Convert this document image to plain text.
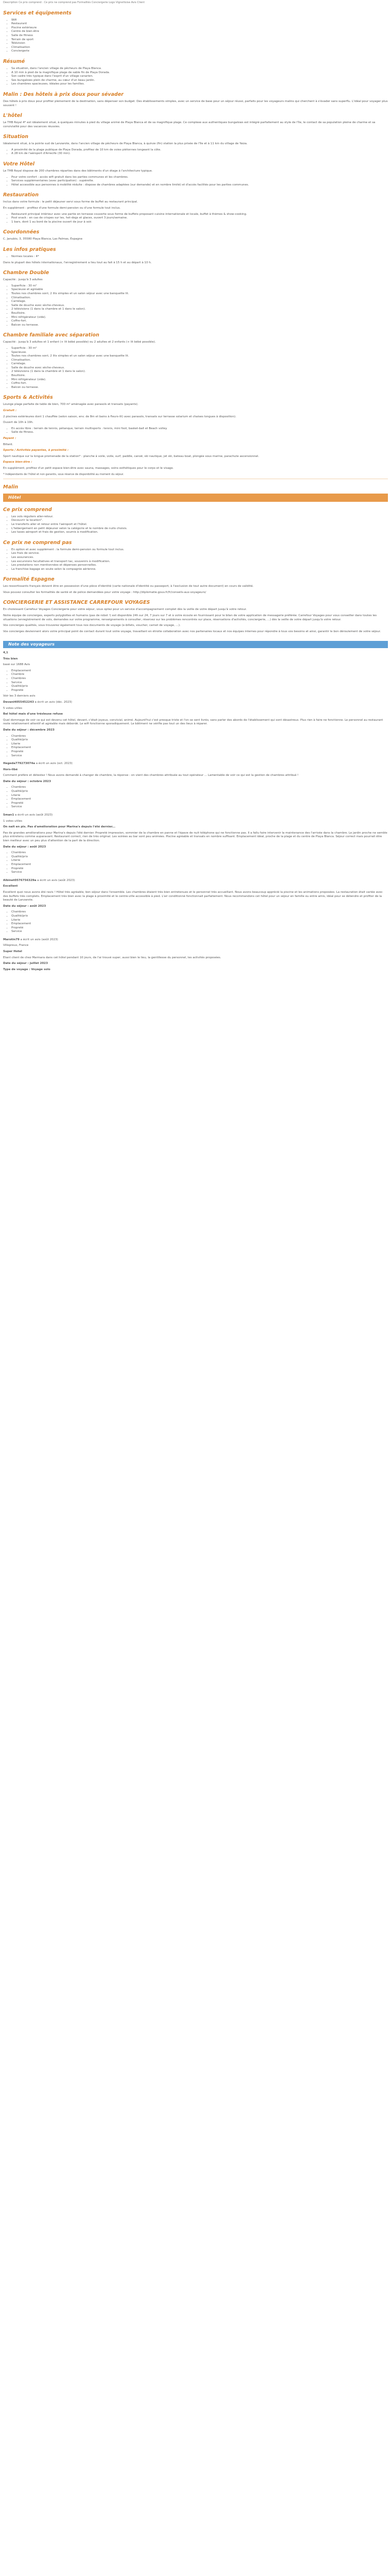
Description Ce prix comprend : Ce prix ne comprend pas Formalités Conciergerie Logo Vignettoise Avis Client

Services et équipements
• Wifi
• Restaurant
• Piscine extérieure
• Centre de bien-être
• Salle de fitness
• Terrain de sport
• Télévision
• Climatisation
• Conciergerie
Résumé
• Sa situation, dans l'ancien village de pêcheurs de Playa Blanca.
• A 10 min à pied de la magnifique plage de sable fin de Playa Dorada.
• Son cadre très typique dans l'esprit d'un village canarien.
• Ses bungalows plein de charme, au cœur d'un beau jardin.
• Les chambres spacieuses, idéales pour les familles.
Malin : Des hôtels à prix doux pour sévader

Des hôtels à prix doux pour profiter pleinement de la destination, sans dépenser son budget. Des établissements simples, avec un service de base pour un séjour réussi, parfaits pour les voyageurs malins qui cherchent à s'évader sans superflu. L'idéal pour voyager plus souvent !

L'hôtel

Le THB Royal 4* est idéalement situé, à quelques minutes à pied du village animé de Playa Blanca et de sa magnifique plage. Ce complexe aux authentiques bungalows est intégré parfaitement au style de l'île, le contact de sa population pleine de charme et sa convivialité pour des vacances réussies.

Situation

Idéalement situé, à la pointe sud de Lanzarote, dans l'ancien village de pêcheurs de Playa Blanca, à quinze (fin) station la plus prisée de l'île et à 11 km du village de Yaiza.

• A proximité de la plage publique de Playa Dorada, profitez de 10 km de voies piétonnes longeant la côte.
• A 28 km de l'aéroport d'Arrecife (30 min).
Votre Hôtel

Le THB Royal dispose de 200 chambres réparties dans des bâtiments d'un étage à l'architecture typique.

• Pour votre confort : accès wifi gratuit dans les parties communes et les chambres.
• Services supplémentaires (avec participation) : supérette.
• Hôtel accessible aux personnes à mobilité réduite : dispose de chambres adaptées (sur demande) et en nombre limité) et d'accès facilités pour les parties communes.
Restauration

Inclus dans votre formule : le petit déjeuner servi sous forme de buffet au restaurant principal.

En supplément : profitez d'une formule demi-pension ou d'une formule tout inclus.

• Restaurant principal intérieur avec une partie en terrasse couverte sous forme de buffets proposant cuisine internationale et locale, buffet à thèmes & show-cooking.
• Pool snack : en cas de crispes sur les, hot-dogs et glaces, ouvert 3 jours/semaine.
• 1 bars, dont 1 au bord de la piscine ouvert de jour à soir.
Coordonnées

C. Janubio, 3, 35580 Playa Blanca, Las Palmas, Espagne

Les infos pratiques
• Normes locales : 4*

Dans le plupart des hôtels internationaux, l'enregistrement a lieu tout au fait à 15 h et au départ à 10 h.

Chambre Double

Capacité : jusqu'à 3 adultes

• Superficie : 30 m²
• Spacieuse et agréable
• Toutes nos chambres sont, 2 lits simples et un salon séjour avec une banquette lit.
• Climatisation.
• Carrelage.
• Salle de douche avec sèche-cheveux.
• 2 télévisions (1 dans la chambre et 1 dans le salon).
• Bouilloire.
• Mini réfrigérateur (vide).
• Coffre-fort.
• Balcon ou terrasse.
Chambre familiale avec séparation

Capacité : jusqu'à 3 adultes et 1 enfant (+ lit bébé possible) ou 2 adultes et 2 enfants (+ lit bébé possible).

• Superficie : 30 m²
• Spacieuse.
• Toutes nos chambres sont, 2 lits simples et un salon séjour avec une banquette lit.
• Climatisation.
• Carrelage.
• Salle de douche avec sèche-cheveux.
• 2 télévisions (1 dans la chambre et 1 dans le salon).
• Bouilloire.
• Mini réfrigérateur (vide).
• Coffre-fort.
• Balcon ou terrasse.
Sports & Activités

Lounge plage parfaite de table de bien, 700 m² aménagée avec parasols et transats (payants).

Gratuit :

2 piscines extérieures dont 1 chauffée (selon saison, env. de 8m et bains à fleurs-lit) avec parasols, transats sur terrasse solarium et chaises longues à disposition).

Ouvert de 10h à 19h.

• En accès libre : terrain de tennis, pétanque, terrain multisports : tennis, mini foot, basket-ball et Beach volley.
• Salle de fitness.

Payant :

Billard.

Sports / Activités payantes, à proximité :

Sport nautique sur la longue promenade de la station* : planche à voile, voile, surf, paddle, canoë, ski nautique, jet ski, bateau boat, plongée sous marine, parachute ascensionnel.

Espace bien-être :

En supplément, profitez d'un petit espace bien-être avec sauna, massages, soins esthétiques pour le corps et le visage.

* Indépendants de l'hôtel et non garantis, sous réserve de disponibilité au moment du séjour.

Malin
Hôtel
Ce prix comprend
• Les vols réguliers aller-retour.
• Decouvrir la location".
• Le transferts aller et retour entre l'aéroport et l'hôtel.
• L'hébergement en petit déjeuner selon la catégorie et le nombre de nuits choisis.
• Les taxes aéroport et frais de gestion, soumis à modification.
Ce prix ne comprend pas
• En option et avec supplément : la formule demi-pension ou formule tout inclus.
• Les frais de service.
• Les assurances.
• Les excursions facultatives et transport tac, souvenirs à modification.
• Les prestations non mentionnées et dépenses personnelles.
• La franchise bagage en soute selon la compagnie aérienne.
Formalité Espagne

Les ressortissants français doivent être en possession d'une pièce d'identité (carte nationale d'identité ou passeport, à l'exclusion de tout autre document) en cours de validité.

Vous pouvez consulter les formalités de santé et de police demandées pour votre voyage : http://diplomatie.gouv.fr/fr/conseils-aux-voyageurs/

CONCIERGERIE ET ASSISTANCE CARREFOUR VOYAGES

En choisissant Carrefour Voyages Conciergerie pour votre séjour, vous optez pour un service d'accompagnement complet dès la veille de votre départ jusqu'à votre retour.

Notre équipe de concierges, experts polyglottes et humains (pas de robot !) est disponible 24h sur 24, 7 jours sur 7 et à votre écoute en fournissant pour le bilan de votre application de messagerie préférée. Carrefour Voyages pour vous conseiller dans toutes les situations (enregistrement de vols, demandes sur votre programme, renseignements à consulter, réservez sur les problèmes rencontrés sur place, réservations d'activités, conciergerie, ...) dès la veille de votre départ jusqu'à votre retour.

Vos concierges qualités, vous trouverez également tous nos documents de voyage (e-billets, voucher, carnet de voyage, ...).

Vos concierges deviennent alors votre principal point de contact durant tout votre voyage, travaillant en étroite collaboration avec nos partenaires locaux et nos équipes internes pour répondre à tous vos besoins et ainsi, garantir le bon déroulement de votre séjour.

Note des voyageurs

4,1

Très bien

basé sur 1688 Avis

• Emplacement
• Chambre
• Chambres
• Service
• Qualité/prix
• Propreté

Voir les 3 derniers avis

Devani4055452243 a écrit un avis (déc. 2023)

5 votes utiles

Bel hôtel mais d'une trésleuse refuse

Quel dommage de voir ce qui est devenu cet hôtel, devant, c'était joyeux, convivial, animé. Aujourd'hui c'est presque triste et l'on se sent livrés, sans parler des abords de l'établissement qui sont désastreux. Plus rien à faire ne fonctionne. Le personnel au restaurant reste relativement attentif et agréable mais débordé. Le wifi fonctionne sporadiquement. Le bâtiment ne vérifie pas tout un des lieux à réparer.

Date du séjour : décembre 2023

• Chambres
• Qualité/prix
• Literie
• Emplacement
• Propreté
• Service

Hegeda779273074a a écrit un avis (oct. 2023)

Hors-libé

Comment prefère et détestez ! Nous avons demandé à changer de chambre, la réponse : on vient des chambres attribuée au tout opérateur ... Lamentable de voir ce qui est la gestion de chambres attribué !

Date du séjour : octobre 2023

• Chambres
• Qualité/prix
• Literie
• Emplacement
• Propreté
• Service

Sman1 a écrit un avis (août 2023)

1 votes utiles

On nait en pis. Pas d'amélioration pour Marina's depuis l'été dernier...

Pas de grandes améliorations pour Marina's depuis l'été dernier. Propreté impression, sommier de la chambre en panne et l'épave de nuit téléphone qui ne fonctionne pas. Il a fallu faire intervenir la maintenance des l'arrivée dans la chambre. Le jardin proche ne semble plus entretenu comme auparavant. Restaurant correct, rien de très original. Les soirées au bar sont peu animées. Piscine agréable et transats en nombre suffisant. Emplacement idéal, proche de la plage et du centre de Playa Blanca. Séjour correct mais pourrait être bien meilleur avec un peu plus d'attention de la part de la direction.

Date du séjour : août 2023

• Chambres
• Qualité/prix
• Literie
• Emplacement
• Propreté
• Service

Albinet0576756329a a écrit un avis (août 2023)

Excellent

Excellent quoi nous avons été ravis ! Hôtel très agréable, bon séjour dans l'ensemble. Les chambres étaient très bien entretenues et le personnel très accueillant. Nous avons beaucoup apprécié la piscine et les animations proposées. La restauration était variée avec des buffets très complets. Emplacement très bien avec la plage à proximité et le centre-ville accessible à pied. L'air conditionné fonctionnait parfaitement. Nous recommandons cet hôtel pour un séjour en famille ou entre amis, idéal pour se détendre et profiter de la beauté de Lanzarote.

Date du séjour : août 2023

• Chambres
• Qualité/prix
• Literie
• Emplacement
• Propreté
• Service

Marotin79 a écrit un avis (août 2023)

Villepreux, France

Super Hotel

Etant client de chez Marmara dans cet hôtel pendant 10 jours, de l'ai trouvé super, aussi bien le lieu, la gentillesse du personnel, les activités proposées.

Date du séjour : juillet 2023

Type de voyage : Voyage solo
